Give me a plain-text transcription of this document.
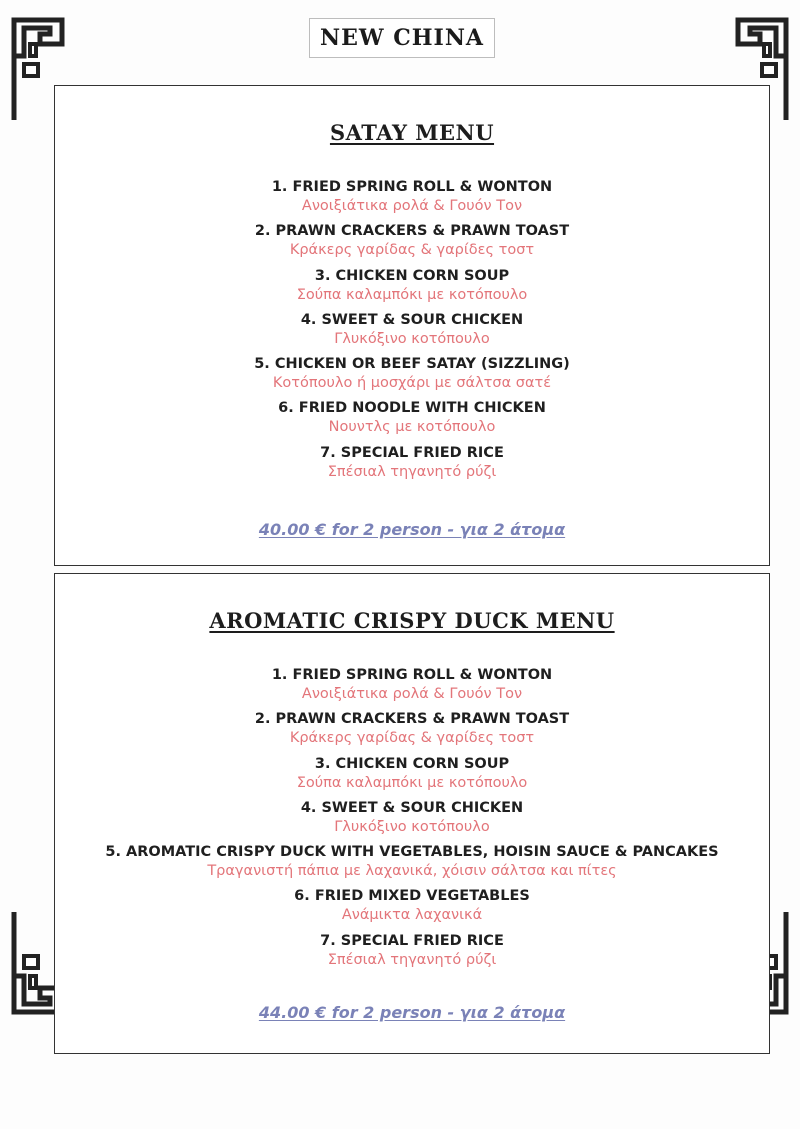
NEW CHINA
SATAY MENU
1. FRIED SPRING ROLL & WONTON
Ανοιξιάτικα ρολά & Γουόν Τον
2. PRAWN CRACKERS & PRAWN TOAST
Κράκερς γαρίδας & γαρίδες τοστ
3. CHICKEN CORN SOUP
Σούπα καλαμπόκι με κοτόπουλο
4. SWEET & SOUR CHICKEN
Γλυκόξινο κοτόπουλο
5. CHICKEN OR BEEF SATAY (SIZZLING)
Κοτόπουλο ή μοσχάρι με σάλτσα σατέ
6. FRIED NOODLE WITH CHICKEN
Νουντλς με κοτόπουλο
7. SPECIAL FRIED RICE
Σπέσιαλ τηγανητό ρύζι
40.00 € for 2 person - για 2 άτομα
AROMATIC CRISPY DUCK MENU
1. FRIED SPRING ROLL & WONTON
Ανοιξιάτικα ρολά & Γουόν Τον
2. PRAWN CRACKERS & PRAWN TOAST
Κράκερς γαρίδας & γαρίδες τοστ
3. CHICKEN CORN SOUP
Σούπα καλαμπόκι με κοτόπουλο
4. SWEET & SOUR CHICKEN
Γλυκόξινο κοτόπουλο
5. AROMATIC CRISPY DUCK WITH VEGETABLES, HOISIN SAUCE & PANCAKES
Τραγανιστή πάπια με λαχανικά, χόισιν σάλτσα και πίτες
6. FRIED MIXED VEGETABLES
Ανάμικτα λαχανικά
7. SPECIAL FRIED RICE
Σπέσιαλ τηγανητό ρύζι
44.00 € for 2 person - για 2 άτομα
